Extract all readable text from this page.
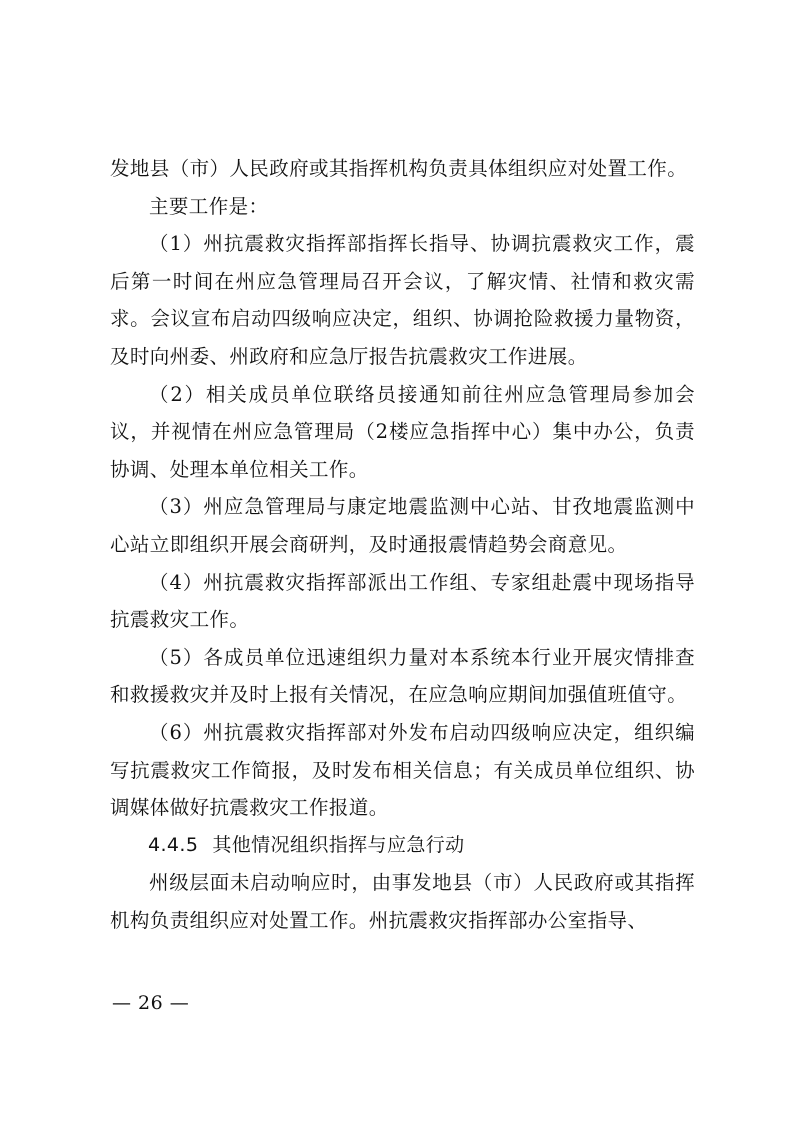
发地县（市）人民政府或其指挥机构负责具体组织应对处置工作。

主要工作是：

（1）州抗震救灾指挥部指挥长指导、协调抗震救灾工作，震后第一时间在州应急管理局召开会议，了解灾情、社情和救灾需求。会议宣布启动四级响应决定，组织、协调抢险救援力量物资，及时向州委、州政府和应急厅报告抗震救灾工作进展。

（2）相关成员单位联络员接通知前往州应急管理局参加会议，并视情在州应急管理局（2楼应急指挥中心）集中办公，负责协调、处理本单位相关工作。

（3）州应急管理局与康定地震监测中心站、甘孜地震监测中心站立即组织开展会商研判，及时通报震情趋势会商意见。

（4）州抗震救灾指挥部派出工作组、专家组赴震中现场指导抗震救灾工作。

（5）各成员单位迅速组织力量对本系统本行业开展灾情排查和救援救灾并及时上报有关情况，在应急响应期间加强值班值守。

（6）州抗震救灾指挥部对外发布启动四级响应决定，组织编写抗震救灾工作简报，及时发布相关信息；有关成员单位组织、协调媒体做好抗震救灾工作报道。

4.4.5 其他情况组织指挥与应急行动

州级层面未启动响应时，由事发地县（市）人民政府或其指挥机构负责组织应对处置工作。州抗震救灾指挥部办公室指导、

— 26 —
